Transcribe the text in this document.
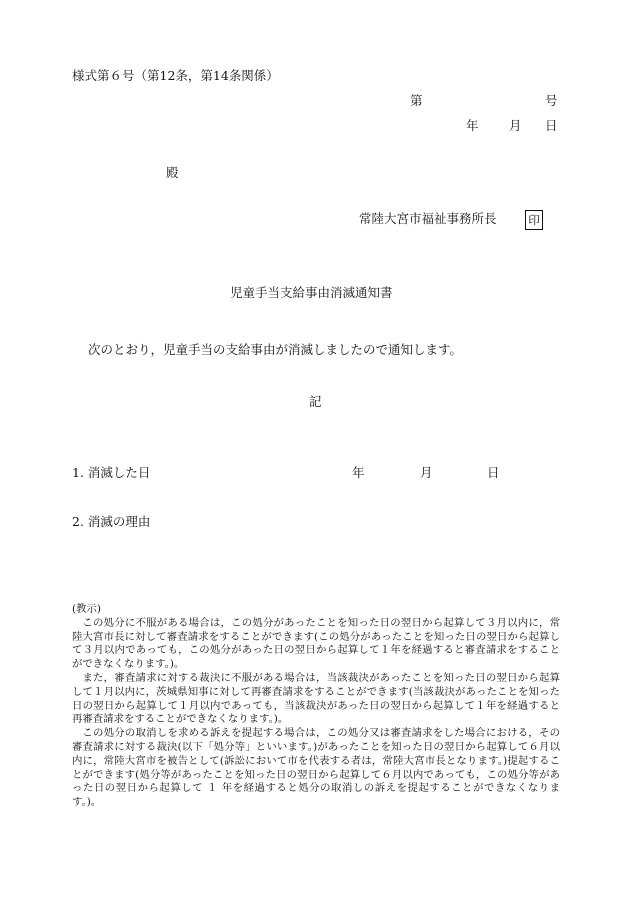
様式第６号（第12条，第14条関係）
第	号
年 月 日
殿
常陸大宮市福祉事務所長	印
児童手当支給事由消滅通知書
次のとおり，児童手当の支給事由が消滅しましたので通知します。
記
1. 消滅した日	年	月	日
2. 消滅の理由

(教示)

この処分に不服がある場合は，この処分があったことを知った日の翌日から起算して３月以内に，常陸大宮市長に対して審査請求をすることができます(この処分があったことを知った日の翌日から起算して３月以内であっても，この処分があった日の翌日から起算して１年を経過すると審査請求をすることができなくなります。)。

また，審査請求に対する裁決に不服がある場合は，当該裁決があったことを知った日の翌日から起算して１月以内に，茨城県知事に対して再審査請求をすることができます(当該裁決があったことを知った日の翌日から起算して１月以内であっても，当該裁決があった日の翌日から起算して１年を経過すると再審査請求をすることができなくなります。)。

この処分の取消しを求める訴えを提起する場合は，この処分又は審査請求をした場合における，その審査請求に対する裁決(以下「処分等」といいます。)があったことを知った日の翌日から起算して６月以内に，常陸大宮市を被告として(訴訟において市を代表する者は，常陸大宮市長となります。)提起することができます(処分等があったことを知った日の翌日から起算して６月以内であっても，この処分等があった日の翌日から起算して １ 年を経過すると処分の取消しの訴えを提起することができなくなります。)。
